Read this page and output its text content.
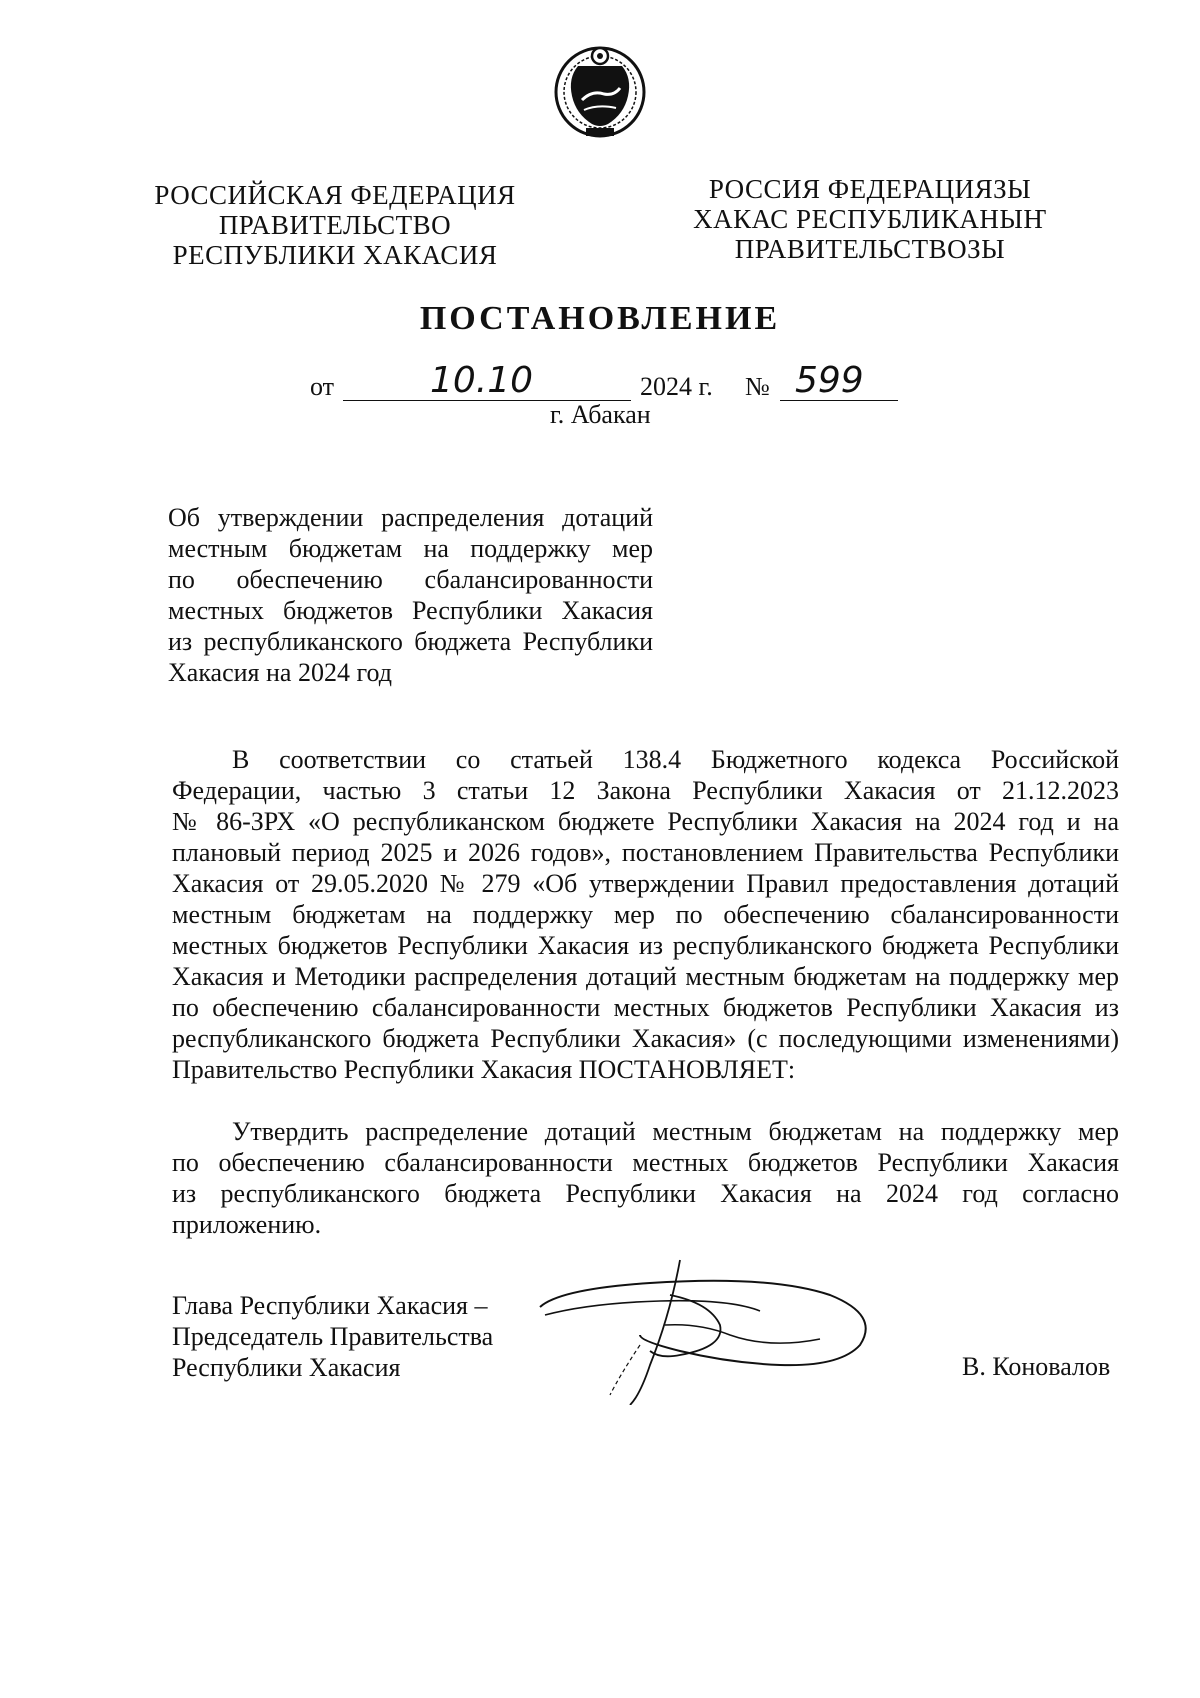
РОССИЙСКАЯ ФЕДЕРАЦИЯ
ПРАВИТЕЛЬСТВО
РЕСПУБЛИКИ ХАКАСИЯ
РОССИЯ ФЕДЕРАЦИЯЗЫ
ХАКАС РЕСПУБЛИКАНЫҤ
ПРАВИТЕЛЬСТВОЗЫ
ПОСТАНОВЛЕНИЕ
от	10.10	2024 г. № 599
г. Абакан
Об утверждении распределения дотаций
местным бюджетам на поддержку мер
по обеспечению сбалансированности
местных бюджетов Республики Хакасия
из республиканского бюджета Республики
Хакасия на 2024 год
В соответствии со статьей 138.4 Бюджетного кодекса Российской
Федерации, частью 3 статьи 12 Закона Республики Хакасия от 21.12.2023
№ 86-ЗРХ «О республиканском бюджете Республики Хакасия на 2024 год и на
плановый период 2025 и 2026 годов», постановлением Правительства Республики
Хакасия от 29.05.2020 № 279 «Об утверждении Правил предоставления дотаций
местным бюджетам на поддержку мер по обеспечению сбалансированности
местных бюджетов Республики Хакасия из республиканского бюджета Республики
Хакасия и Методики распределения дотаций местным бюджетам на поддержку мер
по обеспечению сбалансированности местных бюджетов Республики Хакасия из
республиканского бюджета Республики Хакасия» (с последующими изменениями)
Правительство Республики Хакасия ПОСТАНОВЛЯЕТ:
Утвердить распределение дотаций местным бюджетам на поддержку мер
по обеспечению сбалансированности местных бюджетов Республики Хакасия
из республиканского бюджета Республики Хакасия на 2024 год согласно
приложению.
Глава Республики Хакасия –
Председатель Правительства
Республики Хакасия	В. Коновалов
